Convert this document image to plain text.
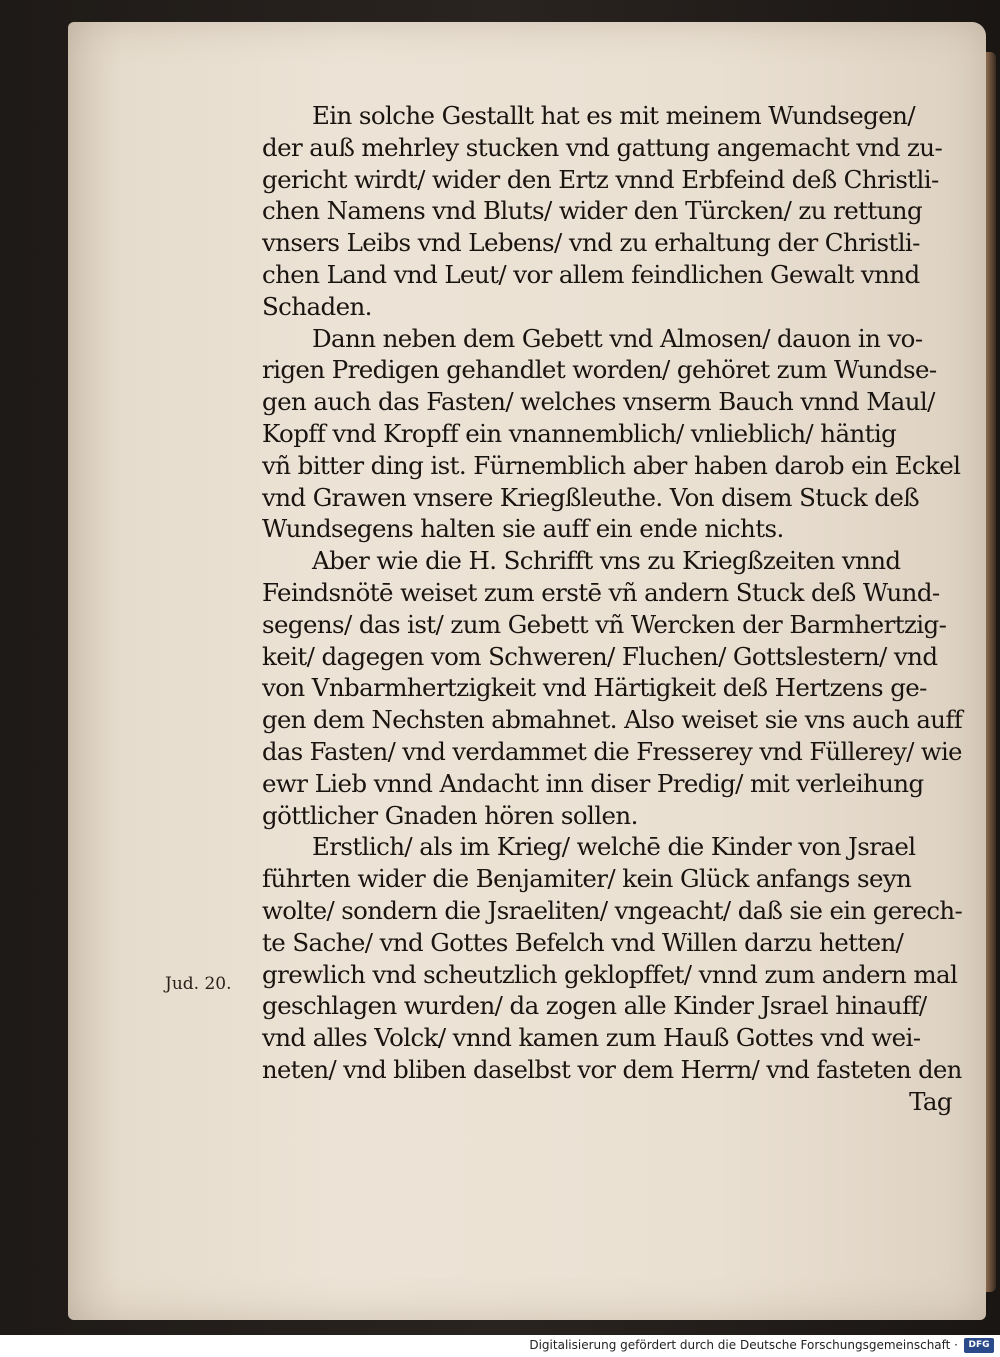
Ein solche Gestallt hat es mit meinem Wundsegen/
der auß mehrley stucken vnd gattung angemacht vnd zu-
gericht wirdt/ wider den Ertz vnnd Erbfeind deß Christli-
chen Namens vnd Bluts/ wider den Türcken/ zu rettung
vnsers Leibs vnd Lebens/ vnd zu erhaltung der Christli-
chen Land vnd Leut/ vor allem feindlichen Gewalt vnnd
Schaden.
Dann neben dem Gebett vnd Almosen/ dauon in vo-
rigen Predigen gehandlet worden/ gehöret zum Wundse-
gen auch das Fasten/ welches vnserm Bauch vnnd Maul/
Kopff vnd Kropff ein vnannemblich/ vnlieblich/ häntig
vñ bitter ding ist. Fürnemblich aber haben darob ein Eckel
vnd Grawen vnsere Kriegßleuthe. Von disem Stuck deß
Wundsegens halten sie auff ein ende nichts.
Aber wie die H. Schrifft vns zu Kriegßzeiten vnnd
Feindsnötē weiset zum erstē vñ andern Stuck deß Wund-
segens/ das ist/ zum Gebett vñ Wercken der Barmhertzig-
keit/ dagegen vom Schweren/ Fluchen/ Gottslestern/ vnd
von Vnbarmhertzigkeit vnd Härtigkeit deß Hertzens ge-
gen dem Nechsten abmahnet. Also weiset sie vns auch auff
das Fasten/ vnd verdammet die Fresserey vnd Füllerey/ wie
ewr Lieb vnnd Andacht inn diser Predig/ mit verleihung
göttlicher Gnaden hören sollen.
Erstlich/ als im Krieg/ welchē die Kinder von Jsrael
führten wider die Benjamiter/ kein Glück anfangs seyn
wolte/ sondern die Jsraeliten/ vngeacht/ daß sie ein gerech-
te Sache/ vnd Gottes Befelch vnd Willen darzu hetten/
grewlich vnd scheutzlich geklopffet/ vnnd zum andern mal
geschlagen wurden/ da zogen alle Kinder Jsrael hinauff/
vnd alles Volck/ vnnd kamen zum Hauß Gottes vnd wei-
neten/ vnd bliben daselbst vor dem Herrn/ vnd fasteten den
Tag
Jud. 20.
Digitalisierung gefördert durch die Deutsche Forschungsgemeinschaft ·	DFG
